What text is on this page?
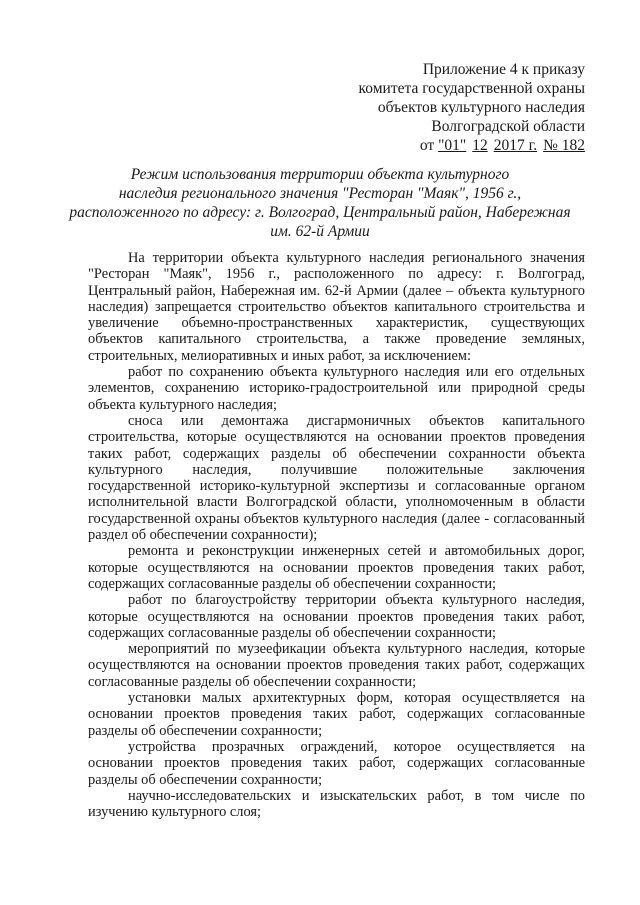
Приложение 4 к приказу
комитета государственной охраны
объектов культурного наследия
Волгоградской области
от "01" 12 2017 г. № 182
Режим использования территории объекта культурного
наследия регионального значения "Ресторан "Маяк", 1956 г.,
расположенного по адресу: г. Волгоград, Центральный район, Набережная
им. 62-й Армии

На территории объекта культурного наследия регионального значения "Ресторан "Маяк", 1956 г., расположенного по адресу: г. Волгоград, Центральный район, Набережная им. 62-й Армии (далее – объекта культурного наследия) запрещается строительство объектов капитального строительства и увеличение объемно-пространственных характеристик, существующих объектов капитального строительства, а также проведение земляных, строительных, мелиоративных и иных работ, за исключением:

работ по сохранению объекта культурного наследия или его отдельных элементов, сохранению историко-градостроительной или природной среды объекта культурного наследия;

сноса или демонтажа дисгармоничных объектов капитального строительства, которые осуществляются на основании проектов проведения таких работ, содержащих разделы об обеспечении сохранности объекта культурного наследия, получившие положительные заключения государственной историко-культурной экспертизы и согласованные органом исполнительной власти Волгоградской области, уполномоченным в области государственной охраны объектов культурного наследия (далее - согласованный раздел об обеспечении сохранности);

ремонта и реконструкции инженерных сетей и автомобильных дорог, которые осуществляются на основании проектов проведения таких работ, содержащих согласованные разделы об обеспечении сохранности;

работ по благоустройству территории объекта культурного наследия, которые осуществляются на основании проектов проведения таких работ, содержащих согласованные разделы об обеспечении сохранности;

мероприятий по музеефикации объекта культурного наследия, которые осуществляются на основании проектов проведения таких работ, содержащих согласованные разделы об обеспечении сохранности;

установки малых архитектурных форм, которая осуществляется на основании проектов проведения таких работ, содержащих согласованные разделы об обеспечении сохранности;

устройства прозрачных ограждений, которое осуществляется на основании проектов проведения таких работ, содержащих согласованные разделы об обеспечении сохранности;

научно-исследовательских и изыскательских работ, в том числе по изучению культурного слоя;
